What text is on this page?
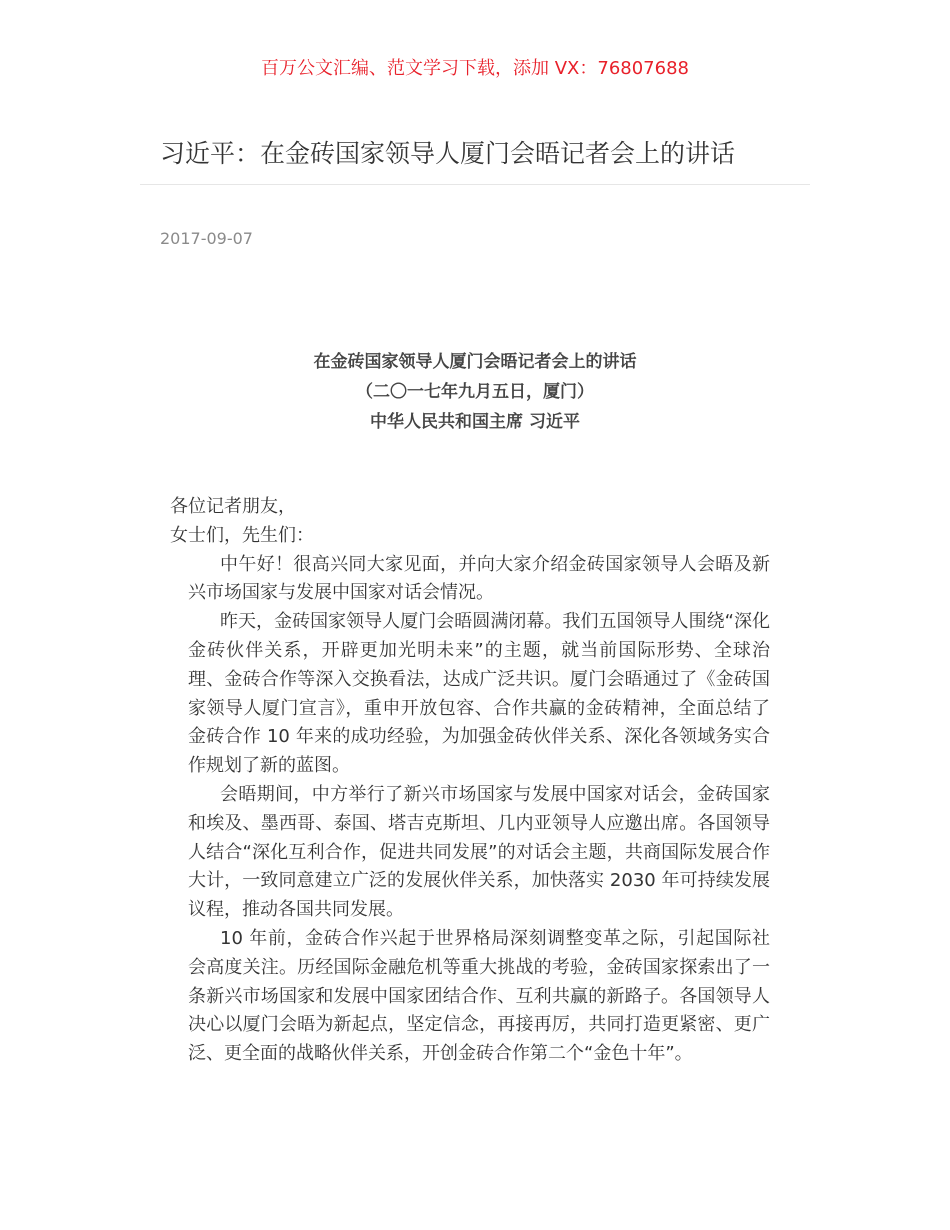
百万公文汇编、范文学习下载，添加 VX：76807688
习近平：在金砖国家领导人厦门会晤记者会上的讲话
2017-09-07
在金砖国家领导人厦门会晤记者会上的讲话
（二〇一七年九月五日，厦门）
中华人民共和国主席 习近平

各位记者朋友，

女士们，先生们：

中午好！很高兴同大家见面，并向大家介绍金砖国家领导人会晤及新兴市场国家与发展中国家对话会情况。

昨天，金砖国家领导人厦门会晤圆满闭幕。我们五国领导人围绕“深化金砖伙伴关系，开辟更加光明未来”的主题，就当前国际形势、全球治理、金砖合作等深入交换看法，达成广泛共识。厦门会晤通过了《金砖国家领导人厦门宣言》，重申开放包容、合作共赢的金砖精神，全面总结了金砖合作 10 年来的成功经验，为加强金砖伙伴关系、深化各领域务实合作规划了新的蓝图。

会晤期间，中方举行了新兴市场国家与发展中国家对话会，金砖国家和埃及、墨西哥、泰国、塔吉克斯坦、几内亚领导人应邀出席。各国领导人结合“深化互利合作，促进共同发展”的对话会主题，共商国际发展合作大计，一致同意建立广泛的发展伙伴关系，加快落实 2030 年可持续发展议程，推动各国共同发展。

10 年前，金砖合作兴起于世界格局深刻调整变革之际，引起国际社会高度关注。历经国际金融危机等重大挑战的考验，金砖国家探索出了一条新兴市场国家和发展中国家团结合作、互利共赢的新路子。各国领导人决心以厦门会晤为新起点，坚定信念，再接再厉，共同打造更紧密、更广泛、更全面的战略伙伴关系，开创金砖合作第二个“金色十年”。
